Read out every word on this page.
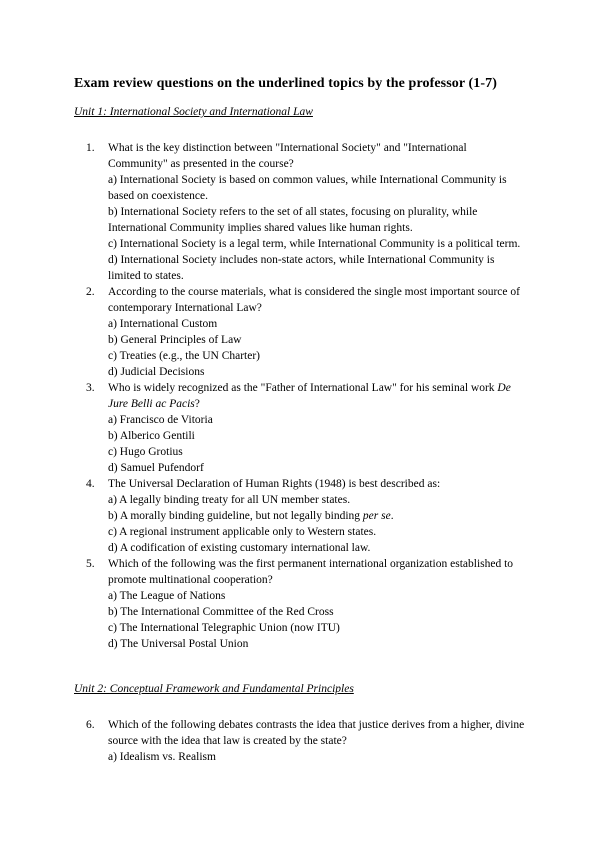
Exam review questions on the underlined topics by the professor (1-7)
Unit 1: International Society and International Law
1.	What is the key distinction between "International Society" and "International Community" as presented in the course?

a) International Society is based on common values, while International Community is based on coexistence.

b) International Society refers to the set of all states, focusing on plurality, while International Community implies shared values like human rights.

c) International Society is a legal term, while International Community is a political term.

d) International Society includes non-state actors, while International Community is limited to states.

2.	According to the course materials, what is considered the single most important source of contemporary International Law?

a) International Custom

b) General Principles of Law

c) Treaties (e.g., the UN Charter)

d) Judicial Decisions

3.	Who is widely recognized as the "Father of International Law" for his seminal work De Jure Belli ac Pacis?

a) Francisco de Vitoria

b) Alberico Gentili

c) Hugo Grotius

d) Samuel Pufendorf

4.	The Universal Declaration of Human Rights (1948) is best described as:

a) A legally binding treaty for all UN member states.

b) A morally binding guideline, but not legally binding per se.

c) A regional instrument applicable only to Western states.

d) A codification of existing customary international law.

5.	Which of the following was the first permanent international organization established to promote multinational cooperation?

a) The League of Nations

b) The International Committee of the Red Cross

c) The International Telegraphic Union (now ITU)

d) The Universal Postal Union

Unit 2: Conceptual Framework and Fundamental Principles
6.	Which of the following debates contrasts the idea that justice derives from a higher, divine source with the idea that law is created by the state?

a) Idealism vs. Realism
